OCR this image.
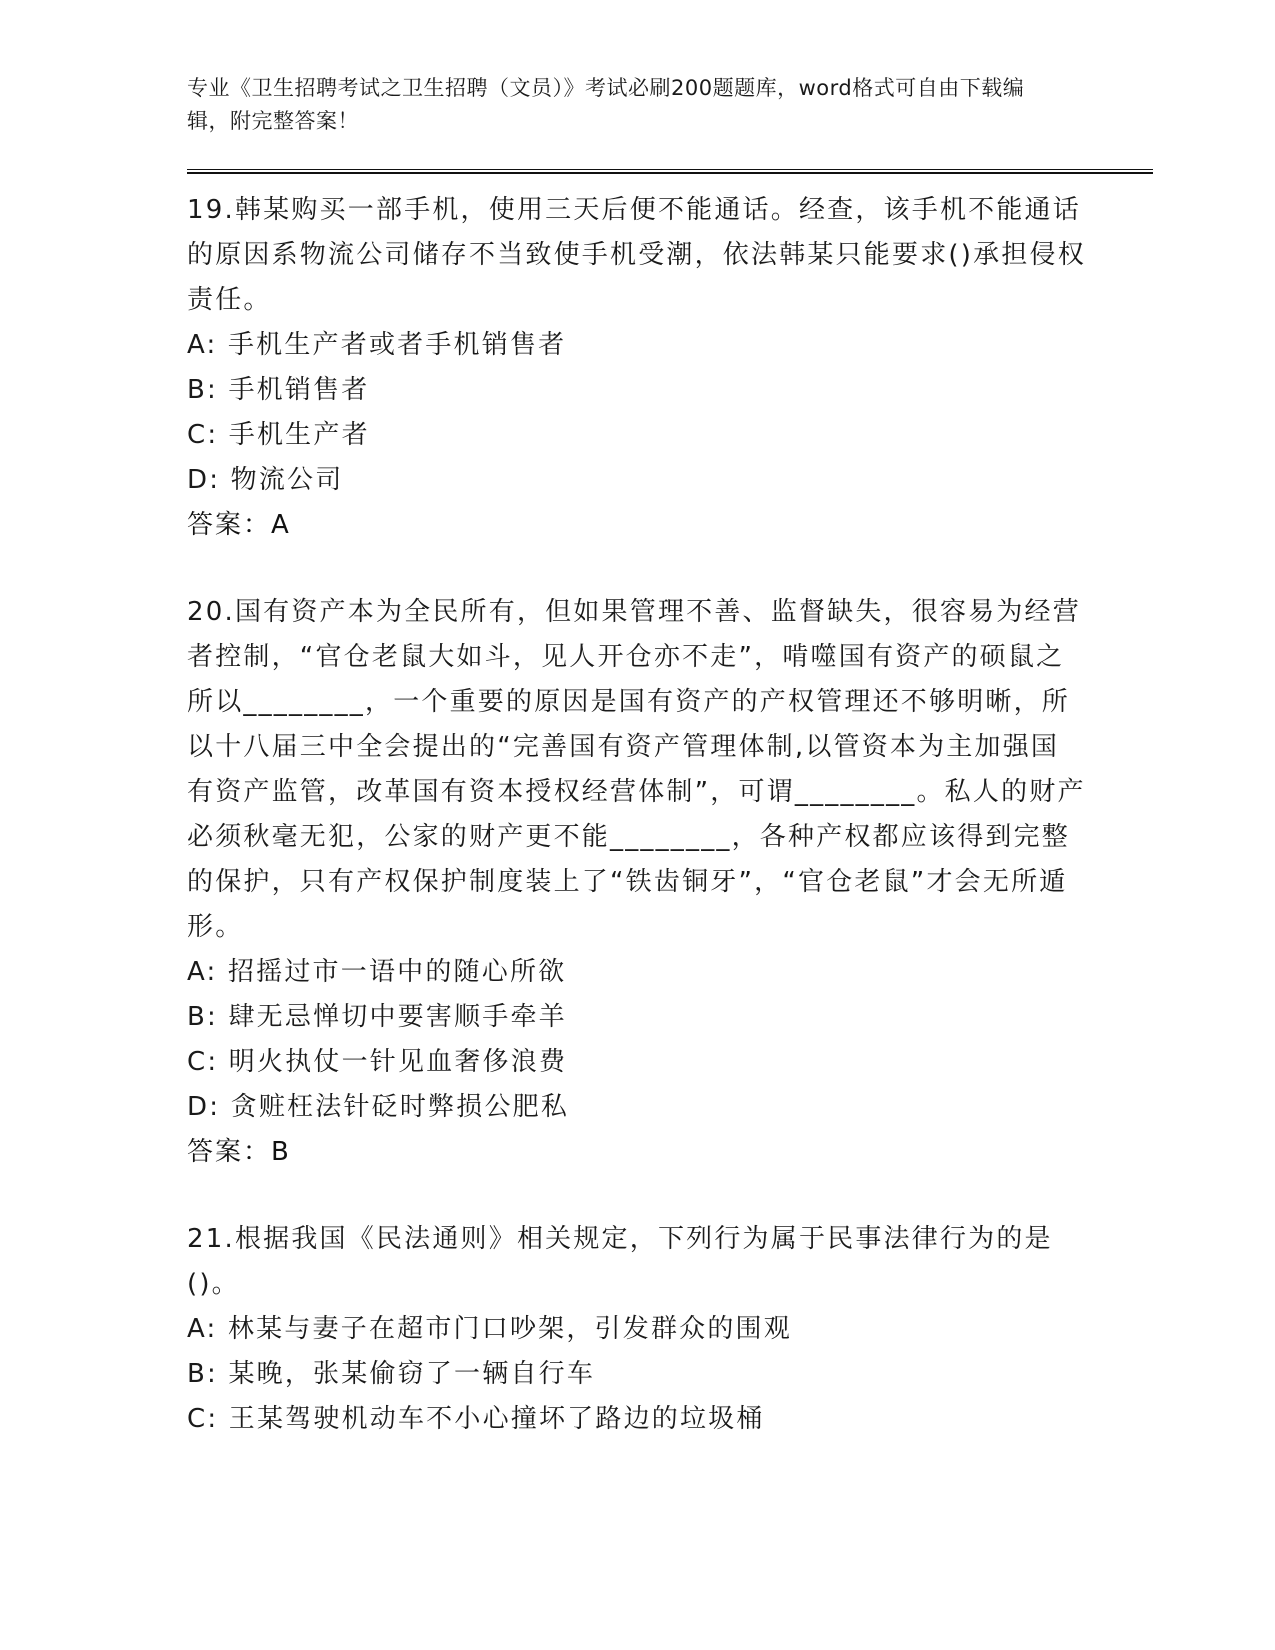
专业《卫生招聘考试之卫生招聘（文员）》考试必刷200题题库，word格式可自由下载编辑，附完整答案！
19.韩某购买一部手机，使用三天后便不能通话。经查，该手机不能通话的原因系物流公司储存不当致使手机受潮，依法韩某只能要求()承担侵权责任。
A: 手机生产者或者手机销售者
B: 手机销售者
C: 手机生产者
D: 物流公司
答案：A
20.国有资产本为全民所有，但如果管理不善、监督缺失，很容易为经营者控制，“官仓老鼠大如斗，见人开仓亦不走”，啃噬国有资产的硕鼠之所以________，一个重要的原因是国有资产的产权管理还不够明晰，所以十八届三中全会提出的“完善国有资产管理体制,以管资本为主加强国有资产监管，改革国有资本授权经营体制”，可谓________。私人的财产必须秋毫无犯，公家的财产更不能________，各种产权都应该得到完整的保护，只有产权保护制度装上了“铁齿铜牙”，“官仓老鼠”才会无所遁形。
A: 招摇过市一语中的随心所欲
B: 肆无忌惮切中要害顺手牵羊
C: 明火执仗一针见血奢侈浪费
D: 贪赃枉法针砭时弊损公肥私
答案：B
21.根据我国《民法通则》相关规定，下列行为属于民事法律行为的是()。
A: 林某与妻子在超市门口吵架，引发群众的围观
B: 某晚，张某偷窃了一辆自行车
C: 王某驾驶机动车不小心撞坏了路边的垃圾桶
